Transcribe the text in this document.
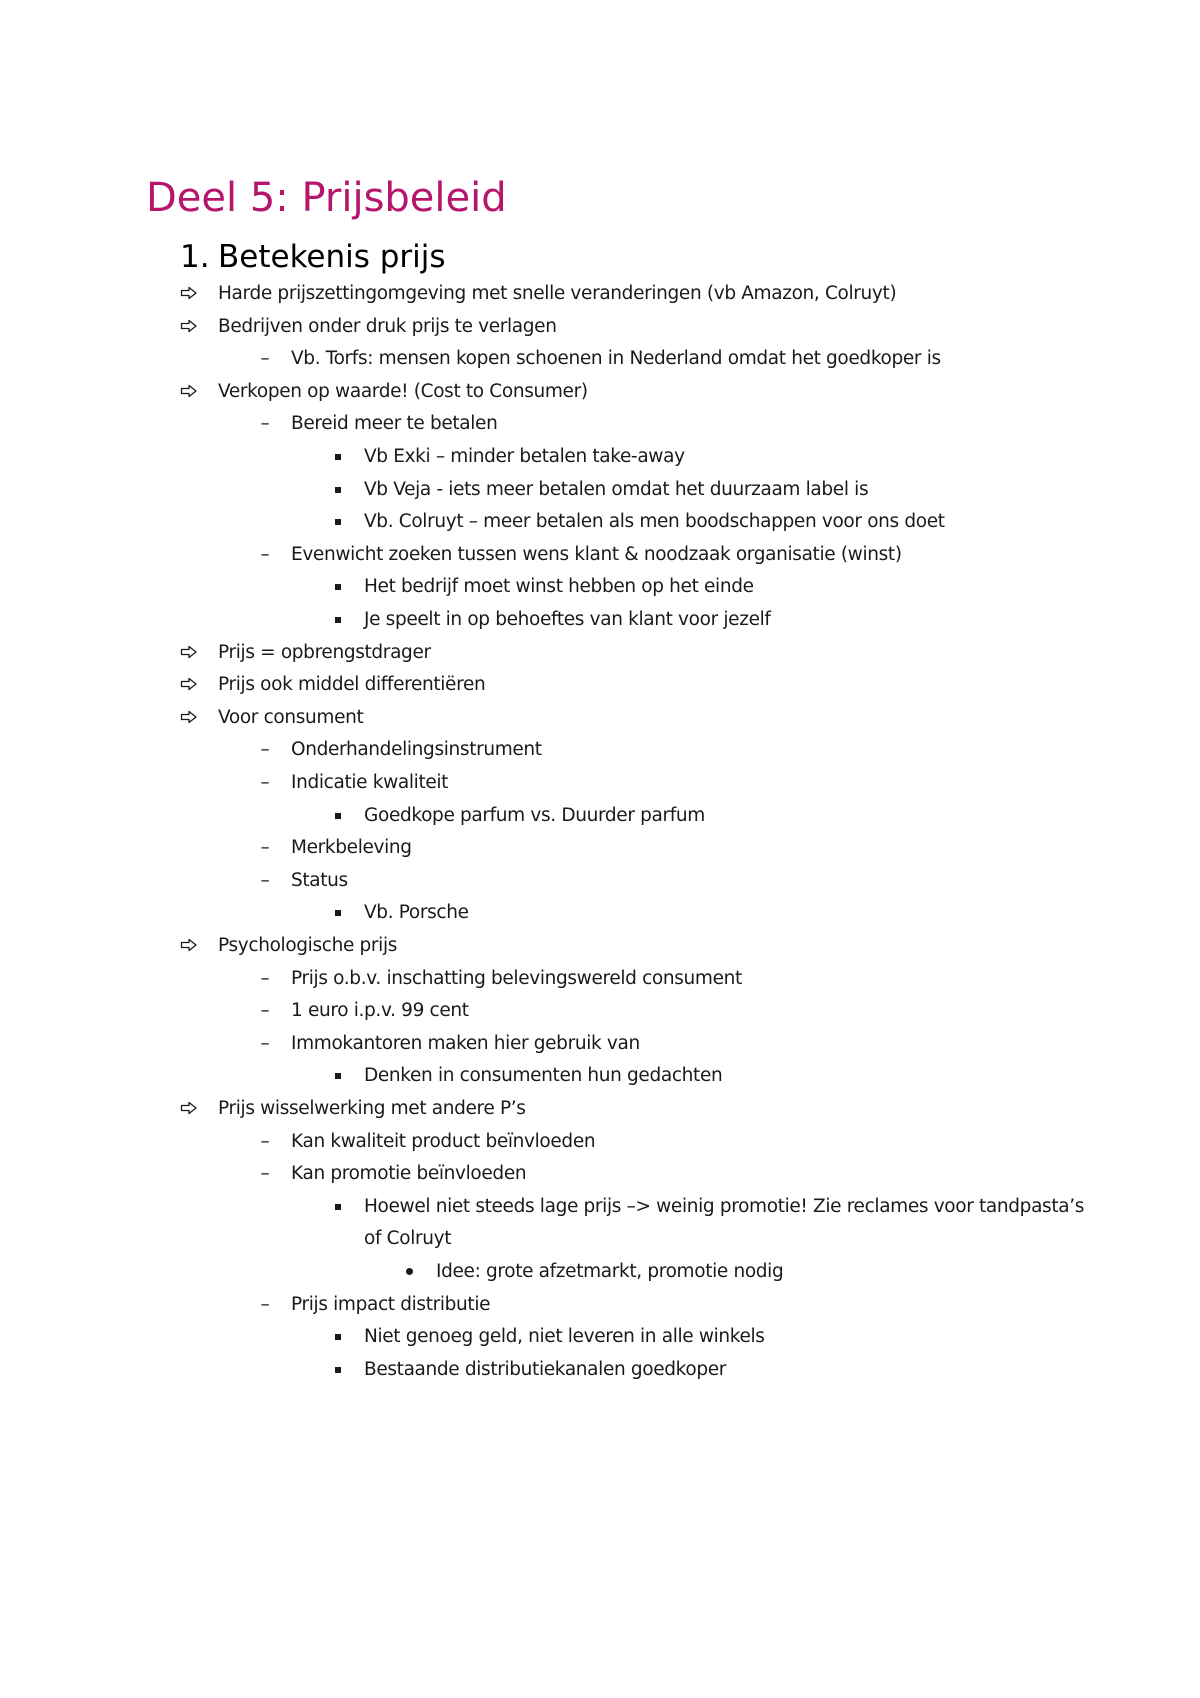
Deel 5: Prijsbeleid
1. Betekenis prijs
Harde prijszettingomgeving met snelle veranderingen (vb Amazon, Colruyt)
Bedrijven onder druk prijs te verlagen
–	Vb. Torfs: mensen kopen schoenen in Nederland omdat het goedkoper is
Verkopen op waarde! (Cost to Consumer)
–	Bereid meer te betalen
Vb Exki – minder betalen take-away
Vb Veja - iets meer betalen omdat het duurzaam label is
Vb. Colruyt – meer betalen als men boodschappen voor ons doet
–	Evenwicht zoeken tussen wens klant & noodzaak organisatie (winst)
Het bedrijf moet winst hebben op het einde
Je speelt in op behoeftes van klant voor jezelf
Prijs = opbrengstdrager
Prijs ook middel differentiëren
Voor consument
–	Onderhandelingsinstrument
–	Indicatie kwaliteit
Goedkope parfum vs. Duurder parfum
–	Merkbeleving
–	Status
Vb. Porsche
Psychologische prijs
–	Prijs o.b.v. inschatting belevingswereld consument
–	1 euro i.p.v. 99 cent
–	Immokantoren maken hier gebruik van
Denken in consumenten hun gedachten
Prijs wisselwerking met andere P’s
–	Kan kwaliteit product beïnvloeden
–	Kan promotie beïnvloeden
Hoewel niet steeds lage prijs –> weinig promotie! Zie reclames voor tandpasta’s
of Colruyt
Idee: grote afzetmarkt, promotie nodig
–	Prijs impact distributie
Niet genoeg geld, niet leveren in alle winkels
Bestaande distributiekanalen goedkoper
